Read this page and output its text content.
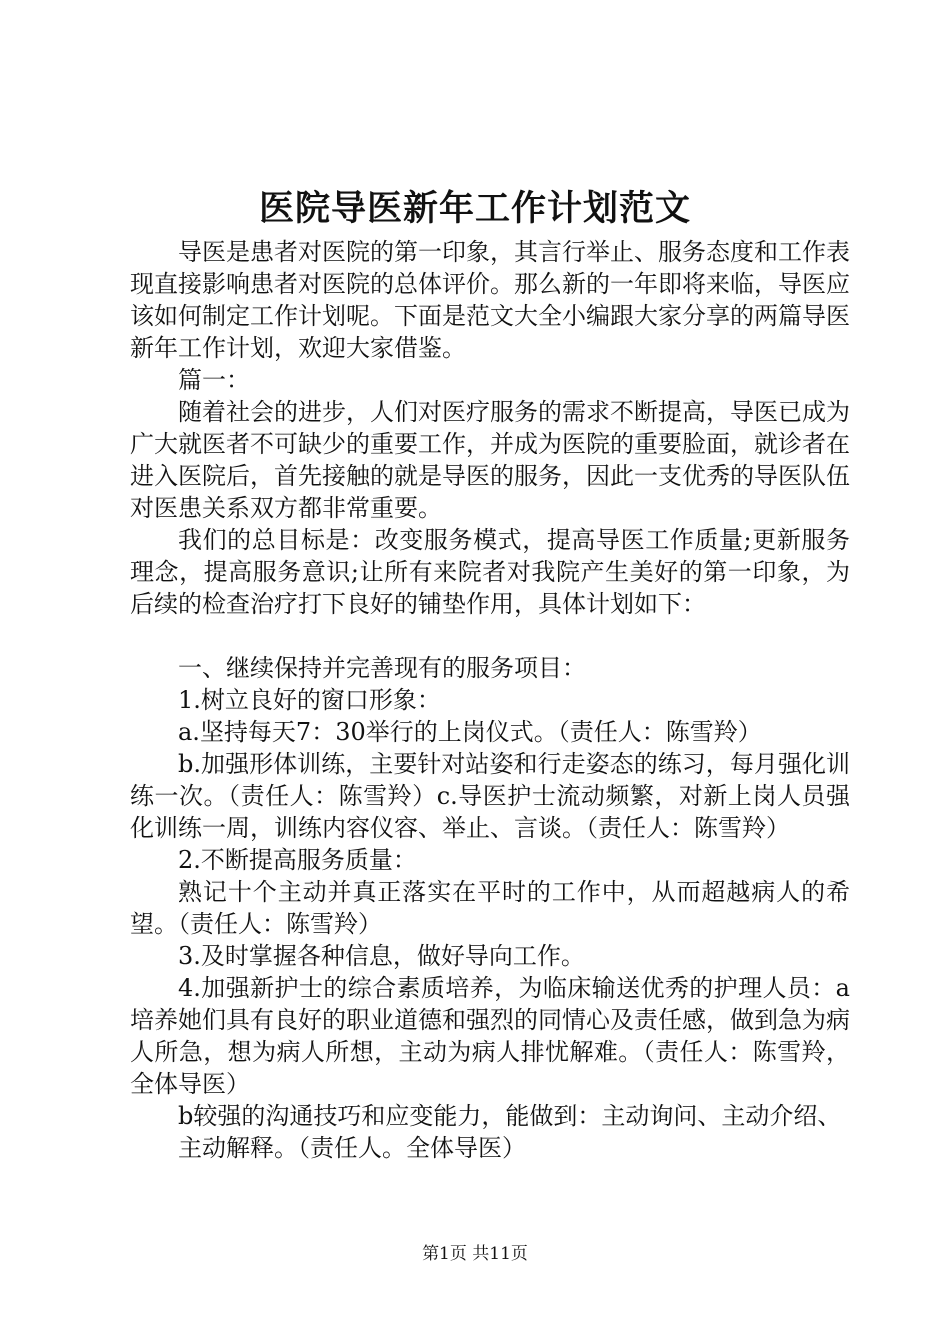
医院导医新年工作计划范文

导医是患者对医院的第一印象，其言行举止、服务态度和工作表现直接影响患者对医院的总体评价。那么新的一年即将来临，导医应该如何制定工作计划呢。下面是范文大全小编跟大家分享的两篇导医新年工作计划，欢迎大家借鉴。

篇一：

随着社会的进步，人们对医疗服务的需求不断提高，导医已成为广大就医者不可缺少的重要工作，并成为医院的重要脸面，就诊者在进入医院后，首先接触的就是导医的服务，因此一支优秀的导医队伍对医患关系双方都非常重要。

我们的总目标是：改变服务模式，提高导医工作质量;更新服务理念，提高服务意识;让所有来院者对我院产生美好的第一印象，为后续的检查治疗打下良好的铺垫作用，具体计划如下：

一、继续保持并完善现有的服务项目：

1.树立良好的窗口形象：

a.坚持每天7：30举行的上岗仪式。（责任人：陈雪羚）

b.加强形体训练，主要针对站姿和行走姿态的练习，每月强化训练一次。（责任人：陈雪羚）c.导医护士流动频繁，对新上岗人员强化训练一周，训练内容仪容、举止、言谈。（责任人：陈雪羚）

2.不断提高服务质量：

熟记十个主动并真正落实在平时的工作中，从而超越病人的希望。（责任人：陈雪羚）

3.及时掌握各种信息，做好导向工作。

4.加强新护士的综合素质培养，为临床输送优秀的护理人员：a培养她们具有良好的职业道德和强烈的同情心及责任感，做到急为病人所急，想为病人所想，主动为病人排忧解难。（责任人：陈雪羚，全体导医）

b较强的沟通技巧和应变能力，能做到：主动询问、主动介绍、

主动解释。（责任人。全体导医）

第1页 共11页
